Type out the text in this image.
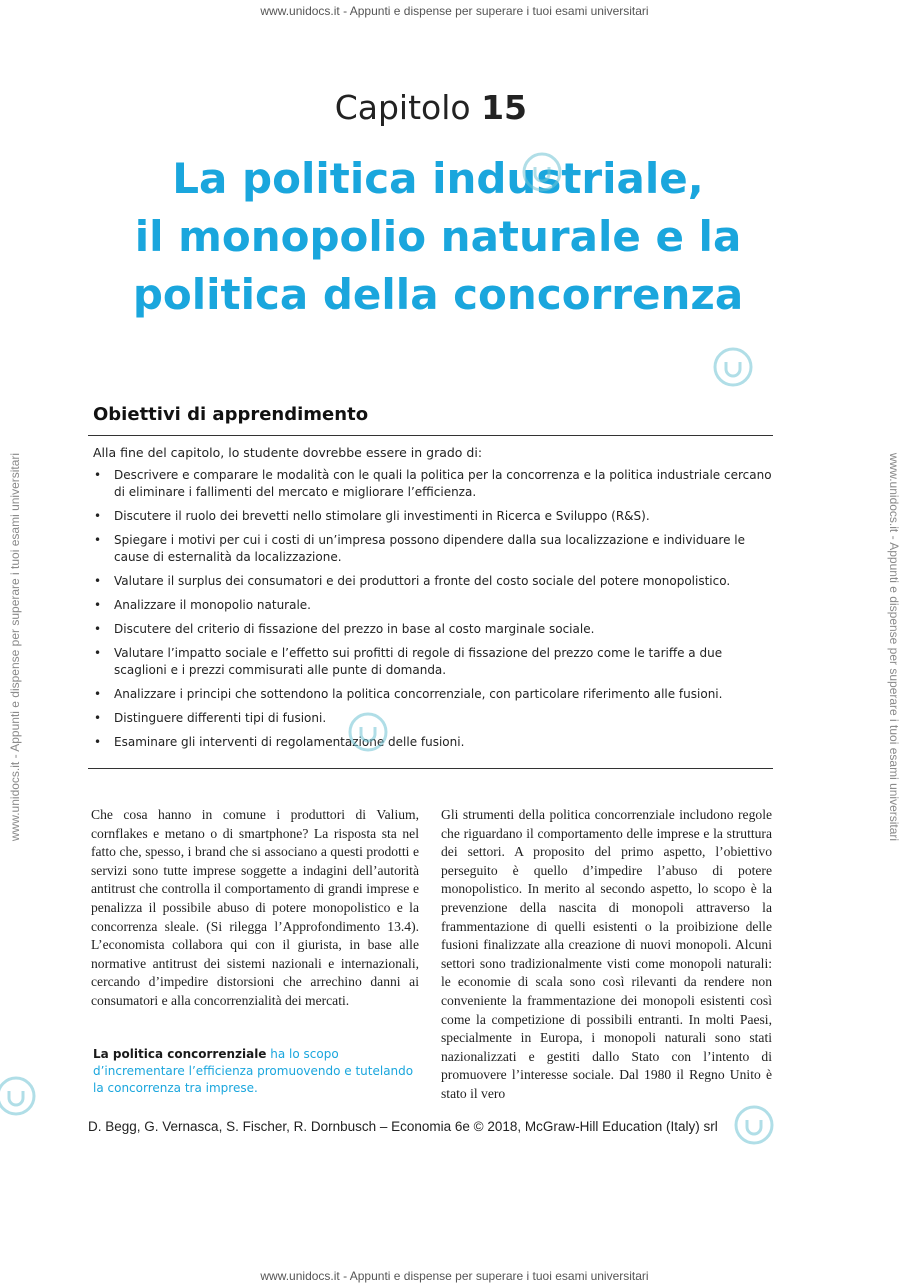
www.unidocs.it - Appunti e dispense per superare i tuoi esami universitari
www.unidocs.it - Appunti e dispense per superare i tuoi esami universitari	www.unidocs.it - Appunti e dispense per superare i tuoi esami universitari
Capitolo 15
La politica industriale,
il monopolio naturale e la
politica della concorrenza
Obiettivi di apprendimento
Alla fine del capitolo, lo studente dovrebbe essere in grado di:
• Descrivere e comparare le modalità con le quali la politica per la concorrenza e la politica industriale cercano di eliminare i fallimenti del mercato e migliorare l’efficienza.
• Discutere il ruolo dei brevetti nello stimolare gli investimenti in Ricerca e Sviluppo (R&S).
• Spiegare i motivi per cui i costi di un’impresa possono dipendere dalla sua localizzazione e individuare le cause di esternalità da localizzazione.
• Valutare il surplus dei consumatori e dei produttori a fronte del costo sociale del potere monopolistico.
• Analizzare il monopolio naturale.
• Discutere del criterio di fissazione del prezzo in base al costo marginale sociale.
• Valutare l’impatto sociale e l’effetto sui profitti di regole di fissazione del prezzo come le tariffe a due scaglioni e i prezzi commisurati alle punte di domanda.
• Analizzare i principi che sottendono la politica concorrenziale, con particolare riferimento alle fusioni.
• Distinguere differenti tipi di fusioni.
• Esaminare gli interventi di regolamentazione delle fusioni.
Che cosa hanno in comune i produttori di Valium, cornflakes e metano o di smartphone? La risposta sta nel fatto che, spesso, i brand che si associano a questi prodotti e servizi sono tutte imprese soggette a indagini dell’autorità antitrust che controlla il comportamento di grandi imprese e penalizza il possibile abuso di potere monopolistico e la concorrenza sleale. (Si rilegga l’Approfondimento 13.4). L’economista collabora qui con il giurista, in base alle normative antitrust dei sistemi nazionali e internazionali, cercando d’impedire distorsioni che arrechino danni ai consumatori e alla concorrenzialità dei mercati.
Gli strumenti della politica concorrenziale includono regole che riguardano il comportamento delle imprese e la struttura dei settori. A proposito del primo aspetto, l’obiettivo perseguito è quello d’impedire l’abuso di potere monopolistico. In merito al secondo aspetto, lo scopo è la prevenzione della nascita di monopoli attraverso la frammentazione di quelli esistenti o la proibizione delle fusioni finalizzate alla creazione di nuovi monopoli. Alcuni settori sono tradizionalmente visti come monopoli naturali: le economie di scala sono così rilevanti da rendere non conveniente la frammentazione dei monopoli esistenti così come la competizione di possibili entranti. In molti Paesi, specialmente in Europa, i monopoli naturali sono stati nazionalizzati e gestiti dallo Stato con l’intento di promuovere l’interesse sociale. Dal 1980 il Regno Unito è stato il vero
La politica concorrenziale ha lo scopo d’incrementare l’efficienza promuovendo e tutelando la concorrenza tra imprese.
D. Begg, G. Vernasca, S. Fischer, R. Dornbusch – Economia 6e © 2018, McGraw-Hill Education (Italy) srl
www.unidocs.it - Appunti e dispense per superare i tuoi esami universitari
